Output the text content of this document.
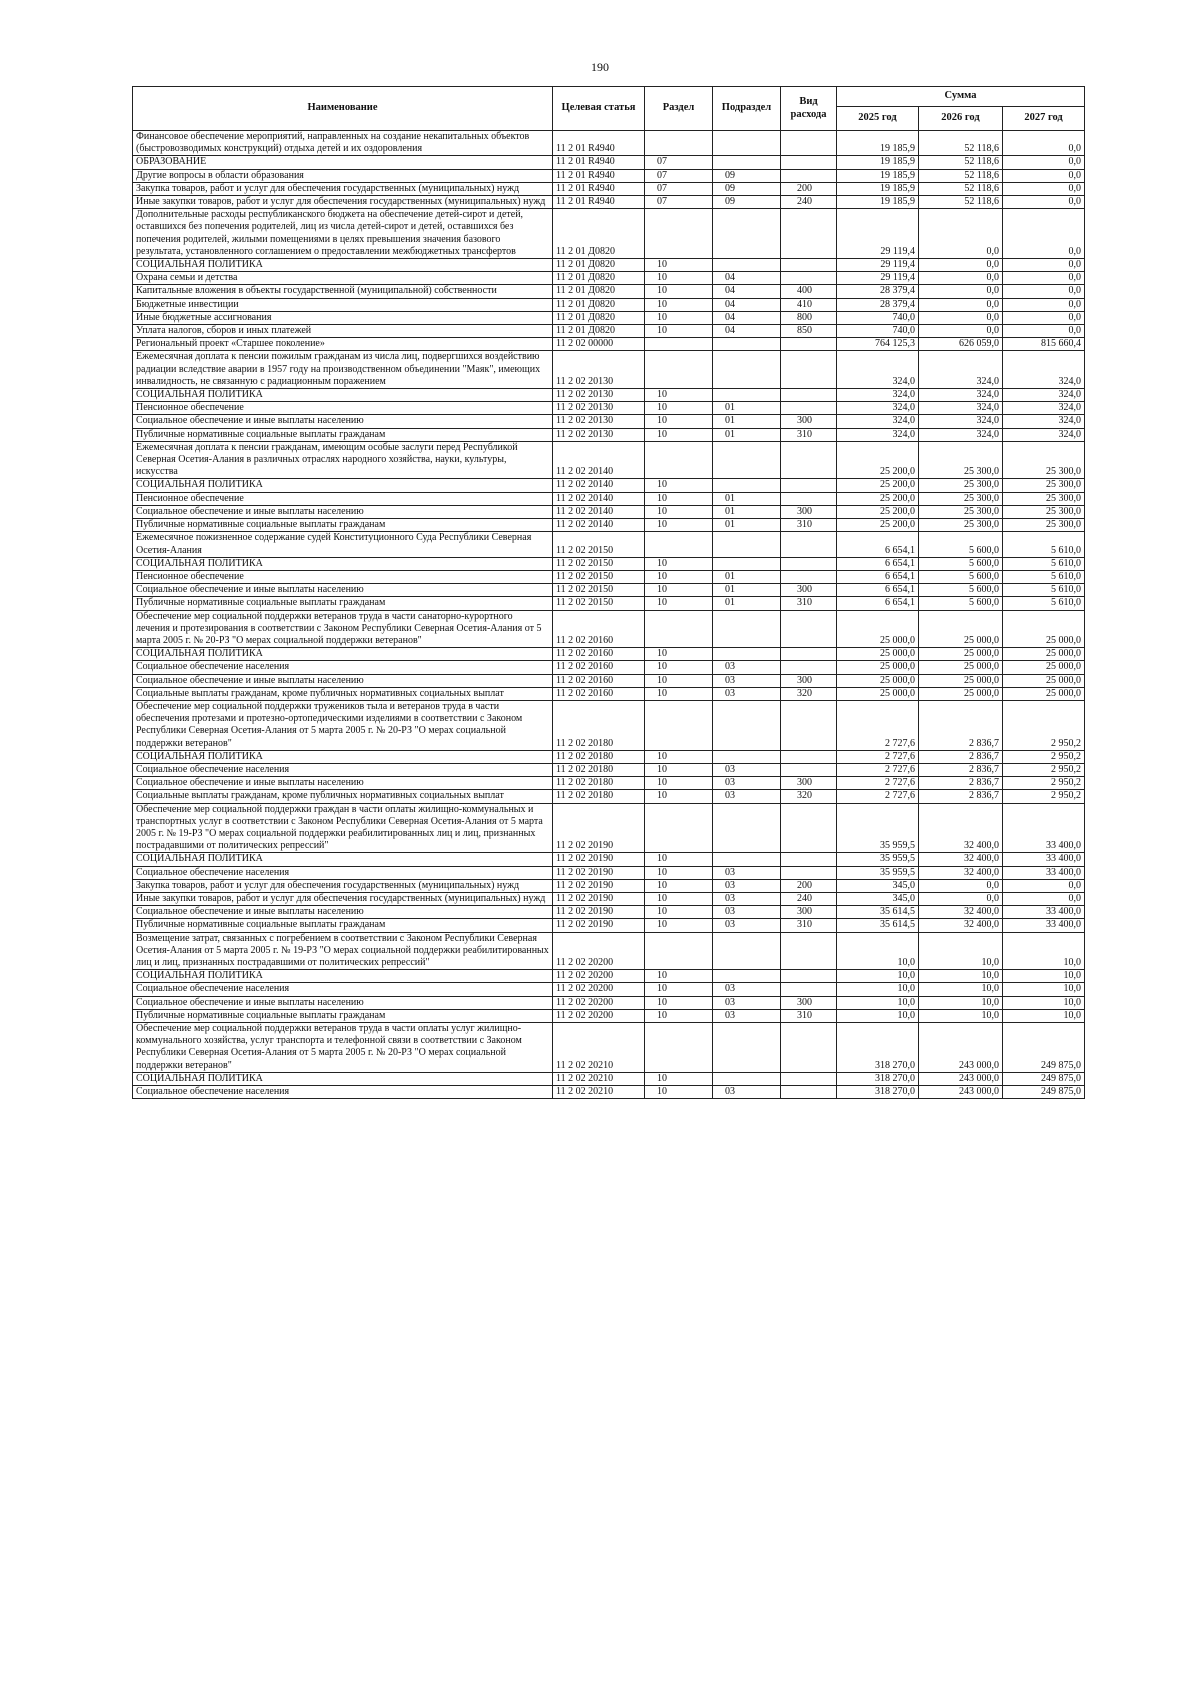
190
Наименование	Целевая статья	Раздел	Подраздел	Вид расхода	Сумма		
					2025 год	2026 год	2027 год
Финансовое обеспечение мероприятий, направленных на создание некапитальных объектов (быстровозводимых конструкций) отдыха детей и их оздоровления	11 2 01 R4940				19 185,9	52 118,6	0,0
ОБРАЗОВАНИЕ	11 2 01 R4940	07			19 185,9	52 118,6	0,0
Другие вопросы в области образования	11 2 01 R4940	07	09		19 185,9	52 118,6	0,0
Закупка товаров, работ и услуг для обеспечения государственных (муниципальных) нужд	11 2 01 R4940	07	09	200	19 185,9	52 118,6	0,0
Иные закупки товаров, работ и услуг для обеспечения государственных (муниципальных) нужд	11 2 01 R4940	07	09	240	19 185,9	52 118,6	0,0
Дополнительные расходы республиканского бюджета на обеспечение детей-сирот и детей, оставшихся без попечения родителей, лиц из числа детей-сирот и детей, оставшихся без попечения родителей, жилыми помещениями в целях превышения значения базового результата, установленного соглашением о предоставлении межбюджетных трансфертов	11 2 01 Д0820				29 119,4	0,0	0,0
СОЦИАЛЬНАЯ ПОЛИТИКА	11 2 01 Д0820	10			29 119,4	0,0	0,0
Охрана семьи и детства	11 2 01 Д0820	10	04		29 119,4	0,0	0,0
Капитальные вложения в объекты государственной (муниципальной) собственности	11 2 01 Д0820	10	04	400	28 379,4	0,0	0,0
Бюджетные инвестиции	11 2 01 Д0820	10	04	410	28 379,4	0,0	0,0
Иные бюджетные ассигнования	11 2 01 Д0820	10	04	800	740,0	0,0	0,0
Уплата налогов, сборов и иных платежей	11 2 01 Д0820	10	04	850	740,0	0,0	0,0
Региональный проект «Старшее поколение»	11 2 02 00000				764 125,3	626 059,0	815 660,4
Ежемесячная доплата к пенсии пожилым гражданам из числа лиц, подвергшихся воздействию радиации вследствие аварии в 1957 году на производственном объединении "Маяк", имеющих инвалидность, не связанную с радиационным поражением	11 2 02 20130				324,0	324,0	324,0
СОЦИАЛЬНАЯ ПОЛИТИКА	11 2 02 20130	10			324,0	324,0	324,0
Пенсионное обеспечение	11 2 02 20130	10	01		324,0	324,0	324,0
Социальное обеспечение и иные выплаты населению	11 2 02 20130	10	01	300	324,0	324,0	324,0
Публичные нормативные социальные выплаты гражданам	11 2 02 20130	10	01	310	324,0	324,0	324,0
Ежемесячная доплата к пенсии гражданам, имеющим особые заслуги перед Республикой Северная Осетия-Алания в различных отраслях народного хозяйства, науки, культуры, искусства	11 2 02 20140				25 200,0	25 300,0	25 300,0
СОЦИАЛЬНАЯ ПОЛИТИКА	11 2 02 20140	10			25 200,0	25 300,0	25 300,0
Пенсионное обеспечение	11 2 02 20140	10	01		25 200,0	25 300,0	25 300,0
Социальное обеспечение и иные выплаты населению	11 2 02 20140	10	01	300	25 200,0	25 300,0	25 300,0
Публичные нормативные социальные выплаты гражданам	11 2 02 20140	10	01	310	25 200,0	25 300,0	25 300,0
Ежемесячное пожизненное содержание судей Конституционного Суда Республики Северная Осетия-Алания	11 2 02 20150				6 654,1	5 600,0	5 610,0
СОЦИАЛЬНАЯ ПОЛИТИКА	11 2 02 20150	10			6 654,1	5 600,0	5 610,0
Пенсионное обеспечение	11 2 02 20150	10	01		6 654,1	5 600,0	5 610,0
Социальное обеспечение и иные выплаты населению	11 2 02 20150	10	01	300	6 654,1	5 600,0	5 610,0
Публичные нормативные социальные выплаты гражданам	11 2 02 20150	10	01	310	6 654,1	5 600,0	5 610,0
Обеспечение мер социальной поддержки ветеранов труда в части санаторно-курортного лечения и протезирования в соответствии с Законом Республики Северная Осетия-Алания от 5 марта 2005 г. № 20-РЗ "О мерах социальной поддержки ветеранов"	11 2 02 20160				25 000,0	25 000,0	25 000,0
СОЦИАЛЬНАЯ ПОЛИТИКА	11 2 02 20160	10			25 000,0	25 000,0	25 000,0
Социальное обеспечение населения	11 2 02 20160	10	03		25 000,0	25 000,0	25 000,0
Социальное обеспечение и иные выплаты населению	11 2 02 20160	10	03	300	25 000,0	25 000,0	25 000,0
Социальные выплаты гражданам, кроме публичных нормативных социальных выплат	11 2 02 20160	10	03	320	25 000,0	25 000,0	25 000,0
Обеспечение мер социальной поддержки тружеников тыла и ветеранов труда в части обеспечения протезами и протезно-ортопедическими изделиями в соответствии с Законом Республики Северная Осетия-Алания от 5 марта 2005 г. № 20-РЗ "О мерах социальной поддержки ветеранов"	11 2 02 20180				2 727,6	2 836,7	2 950,2
СОЦИАЛЬНАЯ ПОЛИТИКА	11 2 02 20180	10			2 727,6	2 836,7	2 950,2
Социальное обеспечение населения	11 2 02 20180	10	03		2 727,6	2 836,7	2 950,2
Социальное обеспечение и иные выплаты населению	11 2 02 20180	10	03	300	2 727,6	2 836,7	2 950,2
Социальные выплаты гражданам, кроме публичных нормативных социальных выплат	11 2 02 20180	10	03	320	2 727,6	2 836,7	2 950,2
Обеспечение мер социальной поддержки граждан в части оплаты жилищно-коммунальных и транспортных услуг в соответствии с Законом Республики Северная Осетия-Алания от 5 марта 2005 г. № 19-РЗ "О мерах социальной поддержки реабилитированных лиц и лиц, признанных пострадавшими от политических репрессий"	11 2 02 20190				35 959,5	32 400,0	33 400,0
СОЦИАЛЬНАЯ ПОЛИТИКА	11 2 02 20190	10			35 959,5	32 400,0	33 400,0
Социальное обеспечение населения	11 2 02 20190	10	03		35 959,5	32 400,0	33 400,0
Закупка товаров, работ и услуг для обеспечения государственных (муниципальных) нужд	11 2 02 20190	10	03	200	345,0	0,0	0,0
Иные закупки товаров, работ и услуг для обеспечения государственных (муниципальных) нужд	11 2 02 20190	10	03	240	345,0	0,0	0,0
Социальное обеспечение и иные выплаты населению	11 2 02 20190	10	03	300	35 614,5	32 400,0	33 400,0
Публичные нормативные социальные выплаты гражданам	11 2 02 20190	10	03	310	35 614,5	32 400,0	33 400,0
Возмещение затрат, связанных с погребением в соответствии с Законом Республики Северная Осетия-Алания от 5 марта 2005 г. № 19-РЗ "О мерах социальной поддержки реабилитированных лиц и лиц, признанных пострадавшими от политических репрессий"	11 2 02 20200				10,0	10,0	10,0
СОЦИАЛЬНАЯ ПОЛИТИКА	11 2 02 20200	10			10,0	10,0	10,0
Социальное обеспечение населения	11 2 02 20200	10	03		10,0	10,0	10,0
Социальное обеспечение и иные выплаты населению	11 2 02 20200	10	03	300	10,0	10,0	10,0
Публичные нормативные социальные выплаты гражданам	11 2 02 20200	10	03	310	10,0	10,0	10,0
Обеспечение мер социальной поддержки ветеранов труда в части оплаты услуг жилищно-коммунального хозяйства, услуг транспорта и телефонной связи в соответствии с Законом Республики Северная Осетия-Алания от 5 марта 2005 г. № 20-РЗ "О мерах социальной поддержки ветеранов"	11 2 02 20210				318 270,0	243 000,0	249 875,0
СОЦИАЛЬНАЯ ПОЛИТИКА	11 2 02 20210	10			318 270,0	243 000,0	249 875,0
Социальное обеспечение населения	11 2 02 20210	10	03		318 270,0	243 000,0	249 875,0
